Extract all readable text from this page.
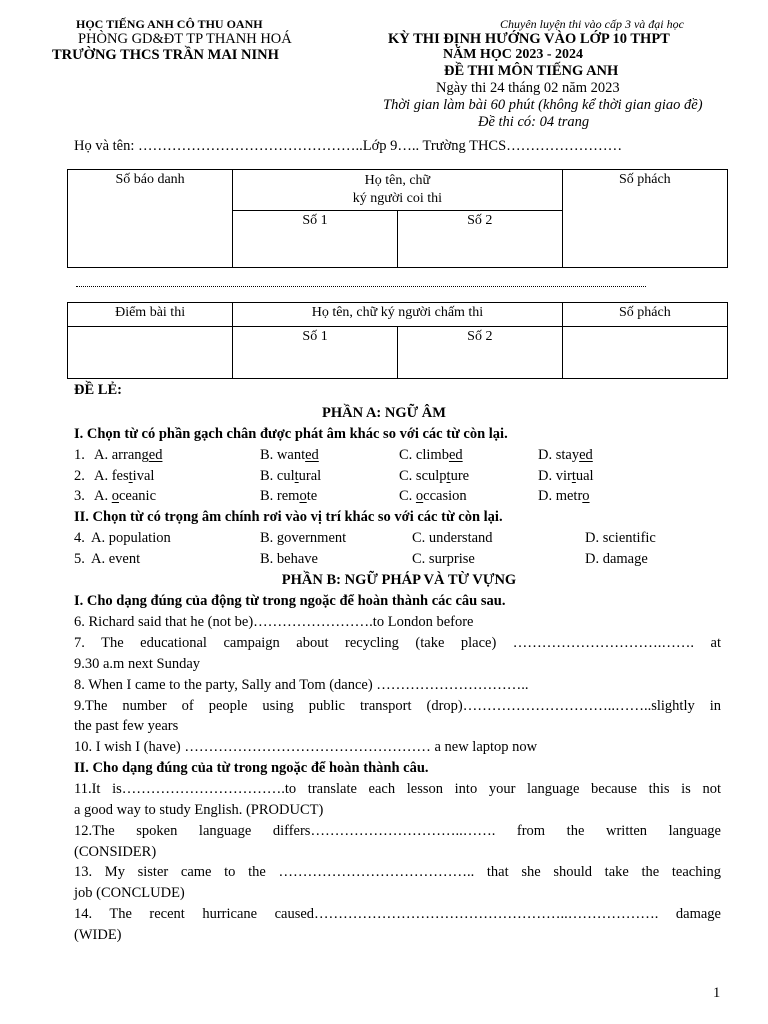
HỌC TIẾNG ANH CÔ THU OANH
PHÒNG GD&ĐT TP THANH HOÁ
TRƯỜNG THCS TRẦN MAI NINH
Chuyên luyện thi vào cấp 3 và đại học
KỲ THI ĐỊNH HƯỚNG VÀO LỚP 10 THPT
NĂM HỌC 2023 - 2024
ĐỀ THI MÔN TIẾNG ANH
Ngày thi 24 tháng 02 năm 2023
Thời gian làm bài 60 phút (không kể thời gian giao đề)
Đề thi có: 04 trang
Họ và tên: ………………………………………..Lớp 9….. Trường THCS……………………
Số báo danh	Họ tên, chữ
ký người coi thi		Số phách
	Số 1	Số 2	
Điểm bài thi	Họ tên, chữ ký người chấm thi		Số phách
	Số 1	Số 2	
ĐỀ LẺ:
PHẦN A: NGỮ ÂM
I. Chọn từ có phần gạch chân được phát âm khác so với các từ còn lại.
1. A. arranged	B. wanted	C. climbed	D. stayed
2. A. festival	B. cultural	C. sculpture	D. virtual
3. A. oceanic	B. remote	C. occasion	D. metro
II. Chọn từ có trọng âm chính rơi vào vị trí khác so với các từ còn lại.
4. A. population	B. government	C. understand	D. scientific
5. A. event	B. behave	C. surprise	D. damage
PHẦN B: NGỮ PHÁP VÀ TỪ VỰNG
I. Cho dạng đúng của động từ trong ngoặc để hoàn thành các câu sau.
6. Richard said that he (not be)…………………….to London before
7. The educational campaign about recycling (take place) ………………………….……. at
9.30 a.m next Sunday
8. When I came to the party, Sally and Tom (dance) …………………………..
9.The number of people using public transport (drop)…………………………..……..slightly in
the past few years
10. I wish I (have) …………………………………………… a new laptop now
II. Cho dạng đúng của từ trong ngoặc để hoàn thành câu.
11.It is…………………………….to translate each lesson into your language because this is not
a good way to study English. (PRODUCT)
12.The spoken language differs…………………………..……. from the written language
(CONSIDER)
13. My sister came to the ………………………………….. that she should take the teaching
job (CONCLUDE)
14. The recent hurricane caused……………………………………………..………………. damage
(WIDE)
1
